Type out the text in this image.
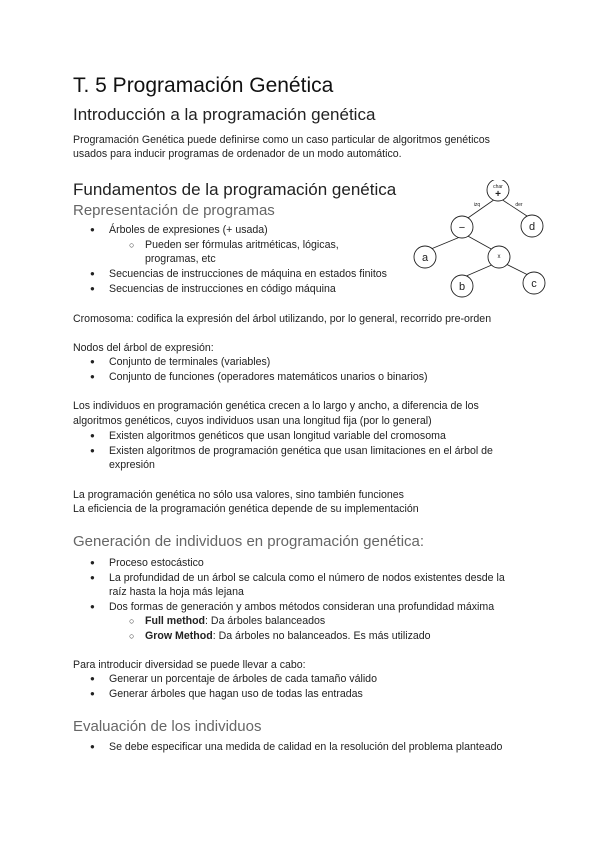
T. 5 Programación Genética
Introducción a la programación genética
Programación Genética puede definirse como un caso particular de algoritmos genéticos
usados para inducir programas de ordenador de un modo automático.
Fundamentos de la programación genética
Representación de programas
● Árboles de expresiones (+ usada)
○ Pueden ser fórmulas aritméticas, lógicas,
programas, etc
● Secuencias de instrucciones de máquina en estados finitos
● Secuencias de instrucciones en código máquina
char
+
izq	der
−	d
a	x
b	c
Cromosoma: codifica la expresión del árbol utilizando, por lo general, recorrido pre-orden
Nodos del árbol de expresión:
● Conjunto de terminales (variables)
● Conjunto de funciones (operadores matemáticos unarios o binarios)
Los individuos en programación genética crecen a lo largo y ancho, a diferencia de los
algoritmos genéticos, cuyos individuos usan una longitud fija (por lo general)
● Existen algoritmos genéticos que usan longitud variable del cromosoma
● Existen algoritmos de programación genética que usan limitaciones en el árbol de
expresión
La programación genética no sólo usa valores, sino también funciones
La eficiencia de la programación genética depende de su implementación
Generación de individuos en programación genética:
● Proceso estocástico
● La profundidad de un árbol se calcula como el número de nodos existentes desde la
raíz hasta la hoja más lejana
● Dos formas de generación y ambos métodos consideran una profundidad máxima
○ Full method: Da árboles balanceados
○ Grow Method: Da árboles no balanceados. Es más utilizado
Para introducir diversidad se puede llevar a cabo:
● Generar un porcentaje de árboles de cada tamaño válido
● Generar árboles que hagan uso de todas las entradas
Evaluación de los individuos
● Se debe especificar una medida de calidad en la resolución del problema planteado
